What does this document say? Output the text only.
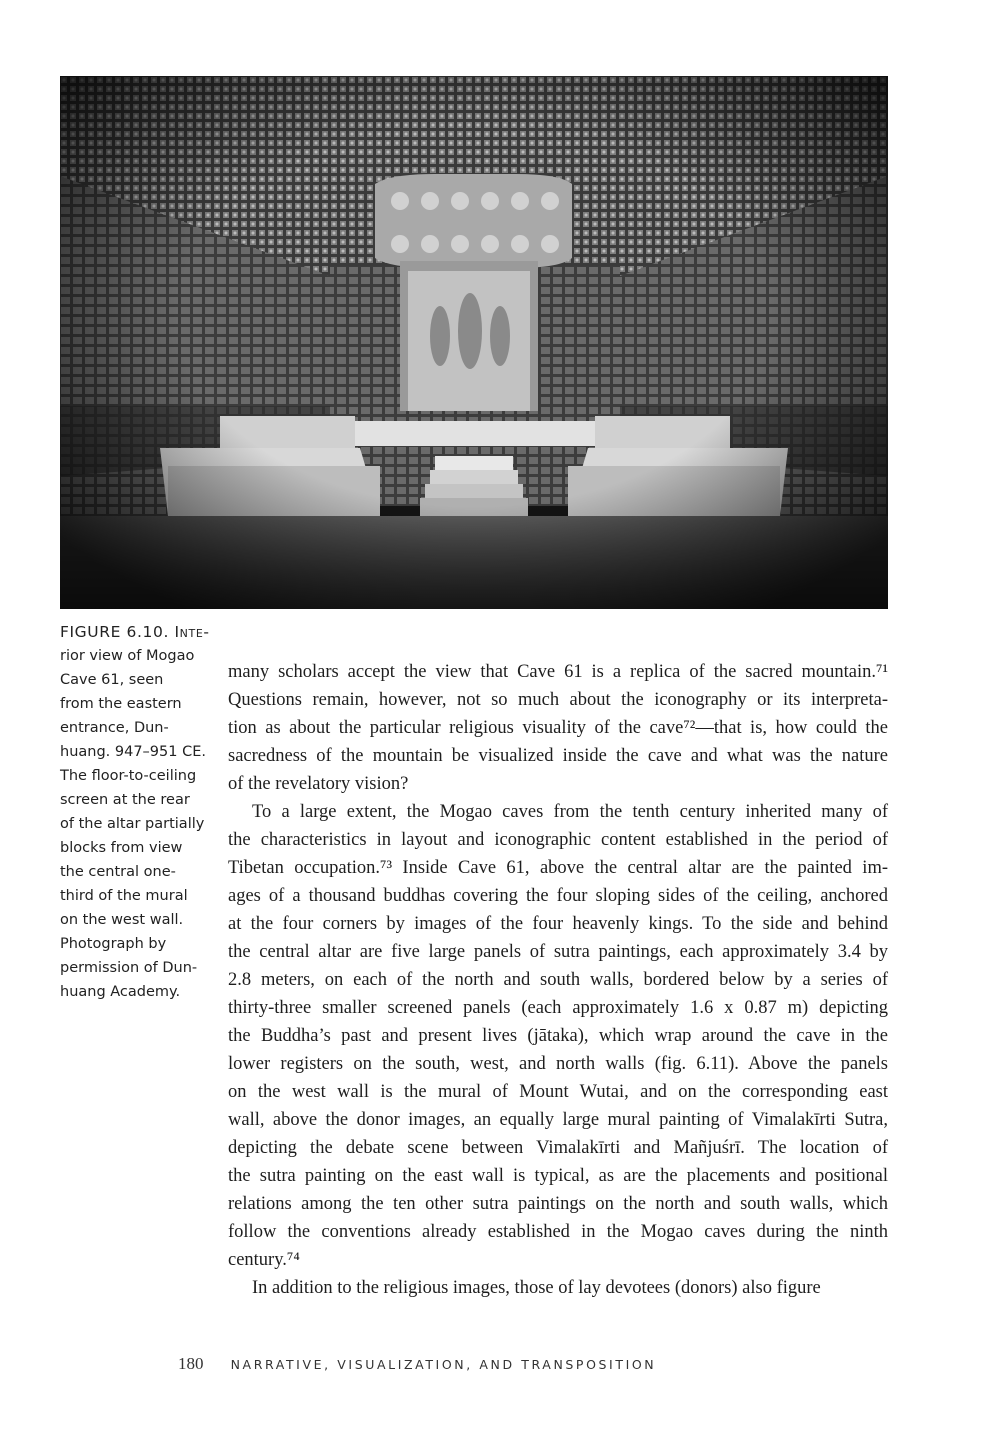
FIGURE 6.10. Inte-
rior view of Mogao
Cave 61, seen
from the eastern
entrance, Dun-
huang. 947–951 CE.
The floor-to-ceiling
screen at the rear
of the altar partially
blocks from view
the central one-
third of the mural
on the west wall.
Photograph by
permission of Dun-
huang Academy.
many scholars accept the view that Cave 61 is a replica of the sacred mountain.⁷¹
Questions remain, however, not so much about the iconography or its interpreta-
tion as about the particular religious visuality of the cave⁷²—that is, how could the
sacredness of the mountain be visualized inside the cave and what was the nature
of the revelatory vision?
To a large extent, the Mogao caves from the tenth century inherited many of
the characteristics in layout and iconographic content established in the period of
Tibetan occupation.⁷³ Inside Cave 61, above the central altar are the painted im-
ages of a thousand buddhas covering the four sloping sides of the ceiling, anchored
at the four corners by images of the four heavenly kings. To the side and behind
the central altar are five large panels of sutra paintings, each approximately 3.4 by
2.8 meters, on each of the north and south walls, bordered below by a series of
thirty-three smaller screened panels (each approximately 1.6 x 0.87 m) depicting
the Buddha’s past and present lives (jātaka), which wrap around the cave in the
lower registers on the south, west, and north walls (fig. 6.11). Above the panels
on the west wall is the mural of Mount Wutai, and on the corresponding east
wall, above the donor images, an equally large mural painting of Vimalakīrti Sutra,
depicting the debate scene between Vimalakīrti and Mañjuśrī. The location of
the sutra painting on the east wall is typical, as are the placements and positional
relations among the ten other sutra paintings on the north and south walls, which
follow the conventions already established in the Mogao caves during the ninth
century.⁷⁴
In addition to the religious images, those of lay devotees (donors) also figure
180 NARRATIVE, VISUALIZATION, AND TRANSPOSITION
